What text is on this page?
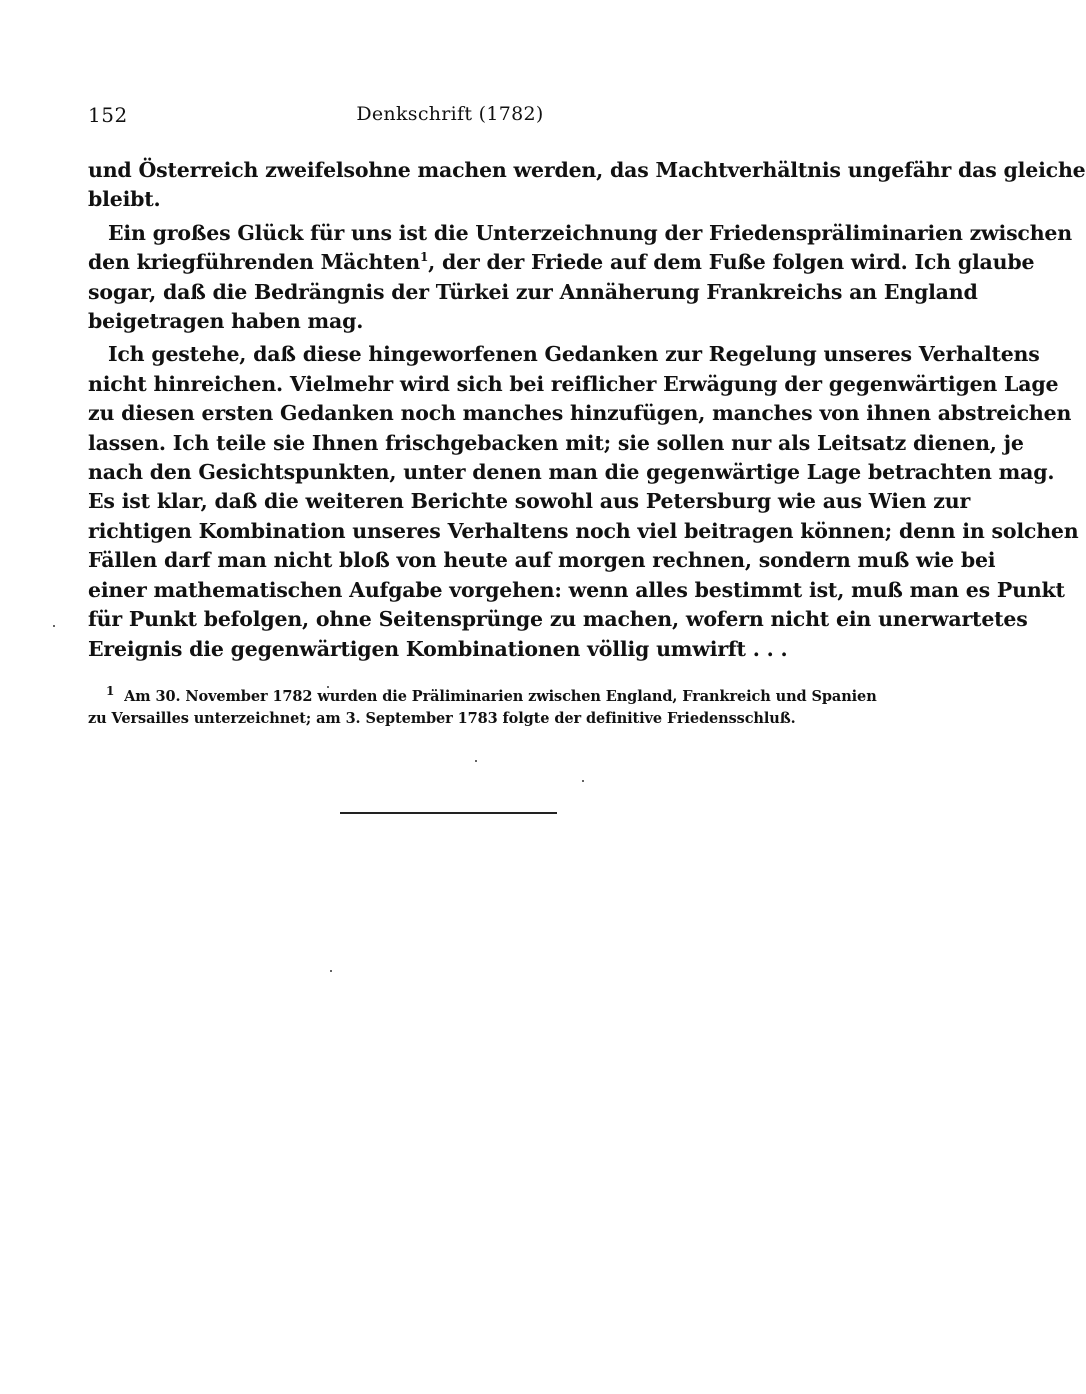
152	Denkschrift (1782)
und Österreich zweifelsohne machen werden, das Machtverhältnis ungefähr das gleiche
bleibt.
Ein großes Glück für uns ist die Unterzeichnung der Friedenspräliminarien zwischen
den kriegführenden Mächten$^1$, der der Friede auf dem Fuße folgen wird. Ich glaube
sogar, daß die Bedrängnis der Türkei zur Annäherung Frankreichs an England
beigetragen haben mag.
Ich gestehe, daß diese hingeworfenen Gedanken zur Regelung unseres Verhaltens
nicht hinreichen. Vielmehr wird sich bei reiflicher Erwägung der gegenwärtigen Lage
zu diesen ersten Gedanken noch manches hinzufügen, manches von ihnen abstreichen
lassen. Ich teile sie Ihnen frischgebacken mit; sie sollen nur als Leitsatz dienen, je
nach den Gesichtspunkten, unter denen man die gegenwärtige Lage betrachten mag.
Es ist klar, daß die weiteren Berichte sowohl aus Petersburg wie aus Wien zur
richtigen Kombination unseres Verhaltens noch viel beitragen können; denn in solchen
Fällen darf man nicht bloß von heute auf morgen rechnen, sondern muß wie bei
einer mathematischen Aufgabe vorgehen: wenn alles bestimmt ist, muß man es Punkt
für Punkt befolgen, ohne Seitensprünge zu machen, wofern nicht ein unerwartetes
Ereignis die gegenwärtigen Kombinationen völlig umwirft . . .
$^1$ Am 30. November 1782 wurden die Präliminarien zwischen England, Frankreich und Spanien
zu Versailles unterzeichnet; am 3. September 1783 folgte der definitive Friedensschluß.
